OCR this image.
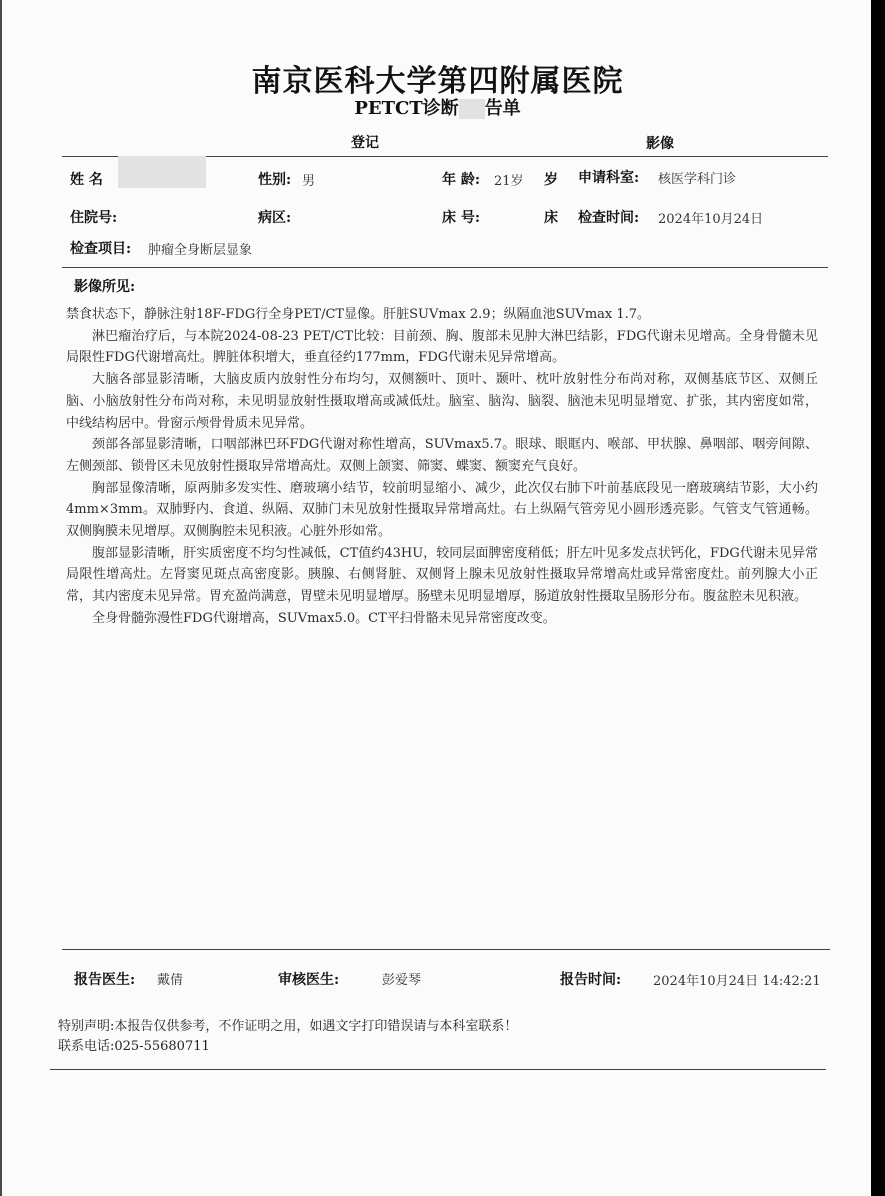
南京医科大学第四附属医院
PETCT诊断 告单
登记	影像
姓 名	性别: 男	年 龄: 21岁 岁 申请科室: 核医学科门诊
住院号:	病区:	床 号:	床 检查时间: 2024年10月24日
检查项目: 肿瘤全身断层显象
影像所见:

禁食状态下，静脉注射18F-FDG行全身PET/CT显像。肝脏SUVmax 2.9；纵隔血池SUVmax 1.7。

淋巴瘤治疗后，与本院2024-08-23 PET/CT比较：目前颈、胸、腹部未见肿大淋巴结影，FDG代谢未见增高。全身骨髓未见局限性FDG代谢增高灶。脾脏体积增大，垂直径约177mm，FDG代谢未见异常增高。

大脑各部显影清晰，大脑皮质内放射性分布均匀，双侧额叶、顶叶、颞叶、枕叶放射性分布尚对称，双侧基底节区、双侧丘脑、小脑放射性分布尚对称，未见明显放射性摄取增高或减低灶。脑室、脑沟、脑裂、脑池未见明显增宽、扩张，其内密度如常，中线结构居中。骨窗示颅骨骨质未见异常。

颈部各部显影清晰，口咽部淋巴环FDG代谢对称性增高，SUVmax5.7。眼球、眼眶内、喉部、甲状腺、鼻咽部、咽旁间隙、左侧颈部、锁骨区未见放射性摄取异常增高灶。双侧上颌窦、筛窦、蝶窦、额窦充气良好。

胸部显像清晰，原两肺多发实性、磨玻璃小结节，较前明显缩小、减少，此次仅右肺下叶前基底段见一磨玻璃结节影，大小约4mm×3mm。双肺野内、食道、纵隔、双肺门未见放射性摄取异常增高灶。右上纵隔气管旁见小圆形透亮影。气管支气管通畅。双侧胸膜未见增厚。双侧胸腔未见积液。心脏外形如常。

腹部显影清晰，肝实质密度不均匀性减低，CT值约43HU，较同层面脾密度稍低；肝左叶见多发点状钙化，FDG代谢未见异常局限性增高灶。左肾窦见斑点高密度影。胰腺、右侧肾脏、双侧肾上腺未见放射性摄取异常增高灶或异常密度灶。前列腺大小正常，其内密度未见异常。胃充盈尚满意，胃壁未见明显增厚。肠壁未见明显增厚，肠道放射性摄取呈肠形分布。腹盆腔未见积液。

全身骨髓弥漫性FDG代谢增高，SUVmax5.0。CT平扫骨骼未见异常密度改变。

报告医生: 戴倩	审核医生:	彭爱琴	报告时间: 2024年10月24日 14:42:21
特别声明:本报告仅供参考，不作证明之用，如遇文字打印错误请与本科室联系！
联系电话:025-55680711
